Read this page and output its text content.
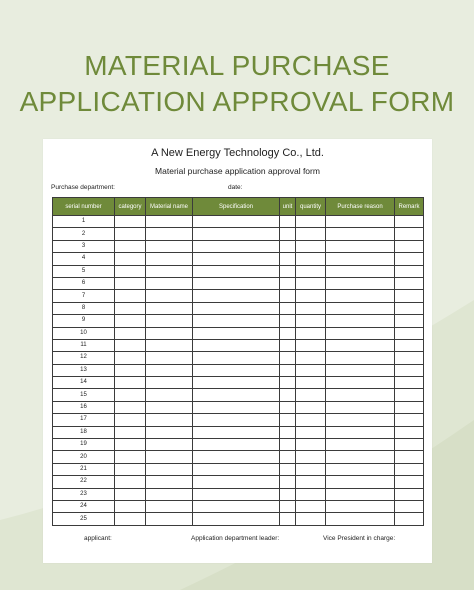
MATERIAL PURCHASE
APPLICATION APPROVAL FORM
A New Energy Technology Co., Ltd.
Material purchase application approval form
Purchase department:	date:
serial number	category	Material name	Specification	unit	quantity	Purchase reason	Remark
1							
2							
3							
4							
5							
6							
7							
8							
9							
10							
11							
12							
13							
14							
15							
16							
17							
18							
19							
20							
21							
22							
23							
24							
25							
applicant:	Application department leader:	Vice President in charge:
